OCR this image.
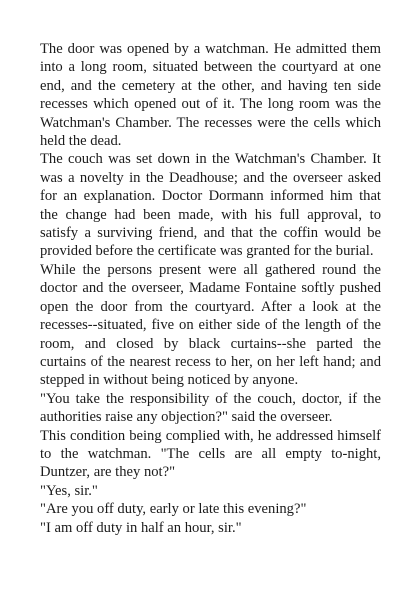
The door was opened by a watchman. He admitted them into a long room, situated between the courtyard at one end, and the cemetery at the other, and having ten side recesses which opened out of it. The long room was the Watchman's Chamber. The recesses were the cells which held the dead.

The couch was set down in the Watchman's Chamber. It was a novelty in the Deadhouse; and the overseer asked for an explanation. Doctor Dormann informed him that the change had been made, with his full approval, to satisfy a surviving friend, and that the coffin would be provided before the certificate was granted for the burial.

While the persons present were all gathered round the doctor and the overseer, Madame Fontaine softly pushed open the door from the courtyard. After a look at the recesses--situated, five on either side of the length of the room, and closed by black curtains--she parted the curtains of the nearest recess to her, on her left hand; and stepped in without being noticed by anyone.

"You take the responsibility of the couch, doctor, if the authorities raise any objection?" said the overseer.

This condition being complied with, he addressed himself to the watchman. "The cells are all empty to-night, Duntzer, are they not?"

"Yes, sir."

"Are you off duty, early or late this evening?"

"I am off duty in half an hour, sir."
